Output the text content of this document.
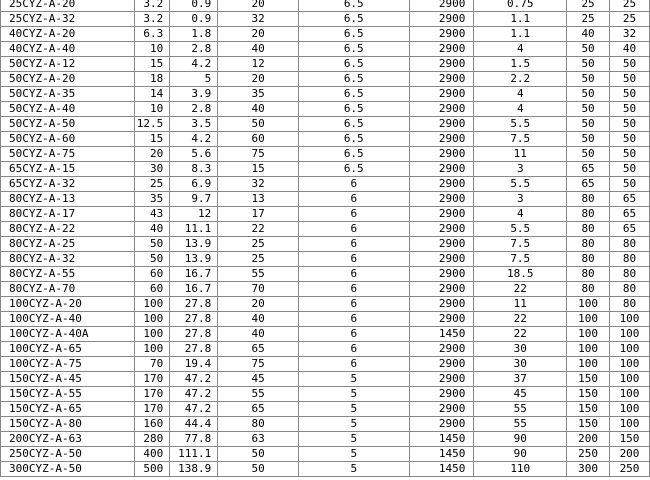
25CYZ-A-20	3.2	0.9	20	6.5	2900	0.75	25	25
25CYZ-A-32	3.2	0.9	32	6.5	2900	1.1	25	25
40CYZ-A-20	6.3	1.8	20	6.5	2900	1.1	40	32
40CYZ-A-40	10	2.8	40	6.5	2900	4	50	40
50CYZ-A-12	15	4.2	12	6.5	2900	1.5	50	50
50CYZ-A-20	18	5	20	6.5	2900	2.2	50	50
50CYZ-A-35	14	3.9	35	6.5	2900	4	50	50
50CYZ-A-40	10	2.8	40	6.5	2900	4	50	50
50CYZ-A-50	12.5	3.5	50	6.5	2900	5.5	50	50
50CYZ-A-60	15	4.2	60	6.5	2900	7.5	50	50
50CYZ-A-75	20	5.6	75	6.5	2900	11	50	50
65CYZ-A-15	30	8.3	15	6.5	2900	3	65	50
65CYZ-A-32	25	6.9	32	6	2900	5.5	65	50
80CYZ-A-13	35	9.7	13	6	2900	3	80	65
80CYZ-A-17	43	12	17	6	2900	4	80	65
80CYZ-A-22	40	11.1	22	6	2900	5.5	80	65
80CYZ-A-25	50	13.9	25	6	2900	7.5	80	80
80CYZ-A-32	50	13.9	25	6	2900	7.5	80	80
80CYZ-A-55	60	16.7	55	6	2900	18.5	80	80
80CYZ-A-70	60	16.7	70	6	2900	22	80	80
100CYZ-A-20	100	27.8	20	6	2900	11	100	80
100CYZ-A-40	100	27.8	40	6	2900	22	100	100
100CYZ-A-40A	100	27.8	40	6	1450	22	100	100
100CYZ-A-65	100	27.8	65	6	2900	30	100	100
100CYZ-A-75	70	19.4	75	6	2900	30	100	100
150CYZ-A-45	170	47.2	45	5	2900	37	150	100
150CYZ-A-55	170	47.2	55	5	2900	45	150	100
150CYZ-A-65	170	47.2	65	5	2900	55	150	100
150CYZ-A-80	160	44.4	80	5	2900	55	150	100
200CYZ-A-63	280	77.8	63	5	1450	90	200	150
250CYZ-A-50	400	111.1	50	5	1450	90	250	200
300CYZ-A-50	500	138.9	50	5	1450	110	300	250
